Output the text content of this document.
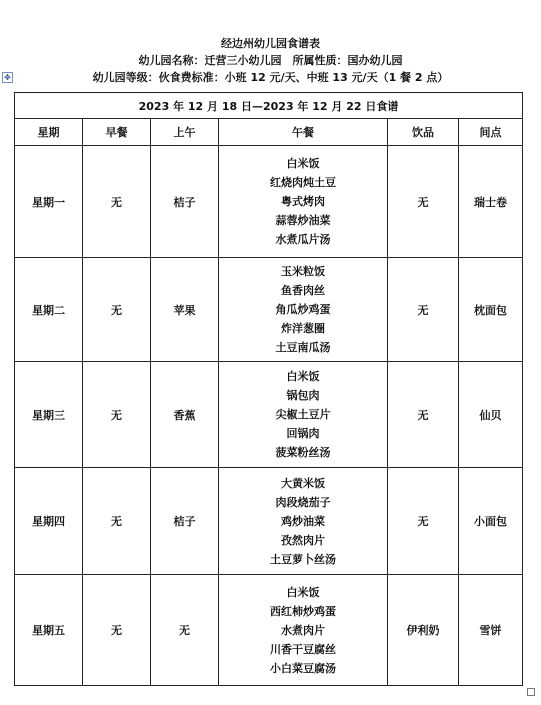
经边州幼儿园食谱表
幼儿园名称：迁营三小幼儿园　 所属性质：国办幼儿园
幼儿园等级：伙食费标准：小班 12 元/天、中班 13 元/天（1 餐 2 点）
✥
2023 年 12 月 18 日—2023 年 12 月 22 日食谱
星期	早餐	上午	午餐	饮品	间点
星期一	无	桔子
白米饭
红烧肉炖土豆
粤式烤肉
蒜蓉炒油菜
水煮瓜片汤
无	瑞士卷
星期二	无	苹果
玉米粒饭
鱼香肉丝
角瓜炒鸡蛋
炸洋葱圈
土豆南瓜汤
无	枕面包
星期三	无	香蕉
白米饭
锅包肉
尖椒土豆片
回锅肉
菠菜粉丝汤
无	仙贝
星期四	无	桔子
大黄米饭
肉段烧茄子
鸡炒油菜
孜然肉片
土豆萝卜丝汤
无	小面包
星期五	无	无
白米饭
西红柿炒鸡蛋
水煮肉片
川香干豆腐丝
小白菜豆腐汤
伊利奶	雪饼
